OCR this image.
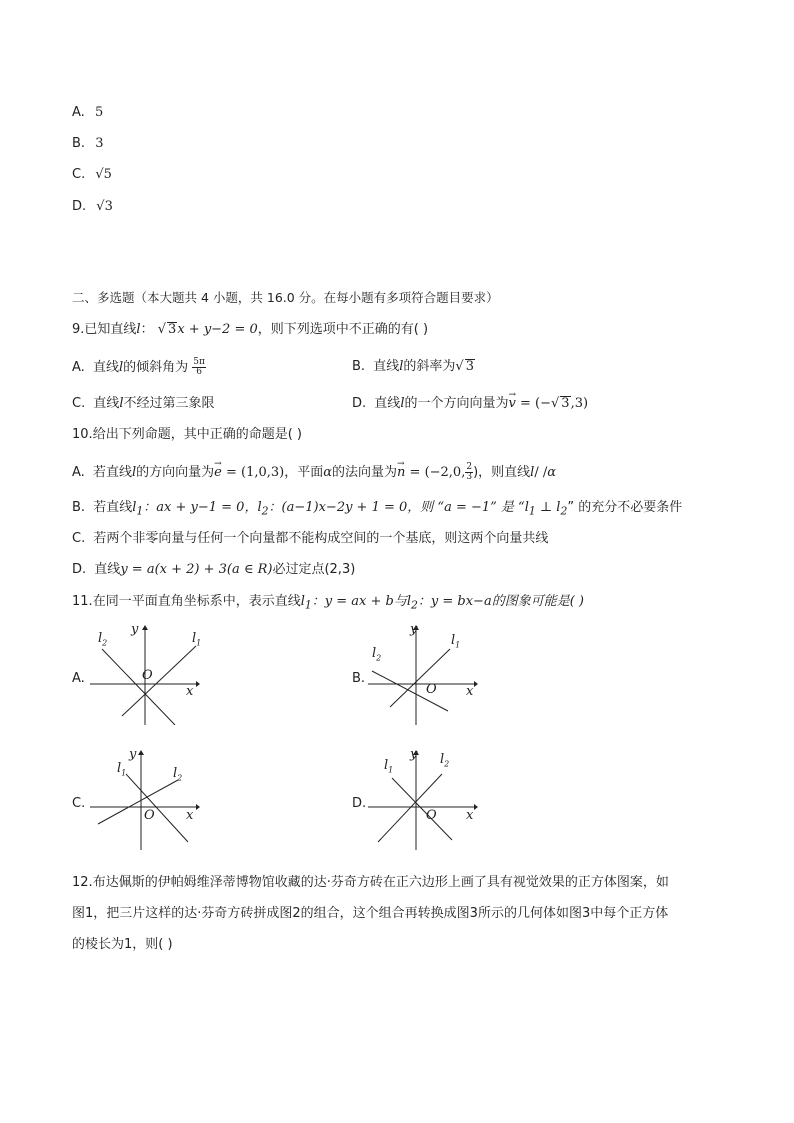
A. 5
B. 3
C. √5
D. √3
二、多选题（本大题共 4 小题，共 16.0 分。在每小题有多项符合题目要求）
9.已知直线l： √ 3x + y−2 = 0，则下列选项中不正确的有( )
A. 直线l的倾斜角为 $\frac{5\pi}{6}$	B. 直线l的斜率为√ 3
C. 直线l不经过第三象限	D. 直线l的一个方向向量为→ v = (−√ 3,3)
10.给出下列命题，其中正确的命题是( )
A. 若直线l的方向向量为→ e = (1,0,3)，平面α的法向量为→ n = (−2,0, $\frac{2}{3}$ )，则直线l/ /α
B. 若直线$l_1$：ax + y−1 = 0，$l_2$：(a−1)x−2y + 1 = 0，则 “a = −1” 是 “$l_1$ ⊥ $l_2$” 的充分不必要条件
C. 若两个非零向量与任何一个向量都不能构成空间的一个基底，则这两个向量共线
D. 直线y = a(x + 2) + 3(a ∈ R)必过定点(2,3)
11.在同一平面直角坐标系中，表示直线$l_1$：y = ax + b与$l_2$：y = bx−a的图象可能是( )
A.
y
x
O
$l_2$	$l_1$
B.
y
x
O
$l_2$
$l_1$
C.
y
x
O
$l_1$	$l_2$
D.
y
x
O
$l_1$
$l_2$
12.布达佩斯的伊帕姆维泽蒂博物馆收藏的达·芬奇方砖在正六边形上画了具有视觉效果的正方体图案，如
图1，把三片这样的达·芬奇方砖拼成图2的组合，这个组合再转换成图3所示的几何体如图3中每个正方体
的棱长为1，则( )
